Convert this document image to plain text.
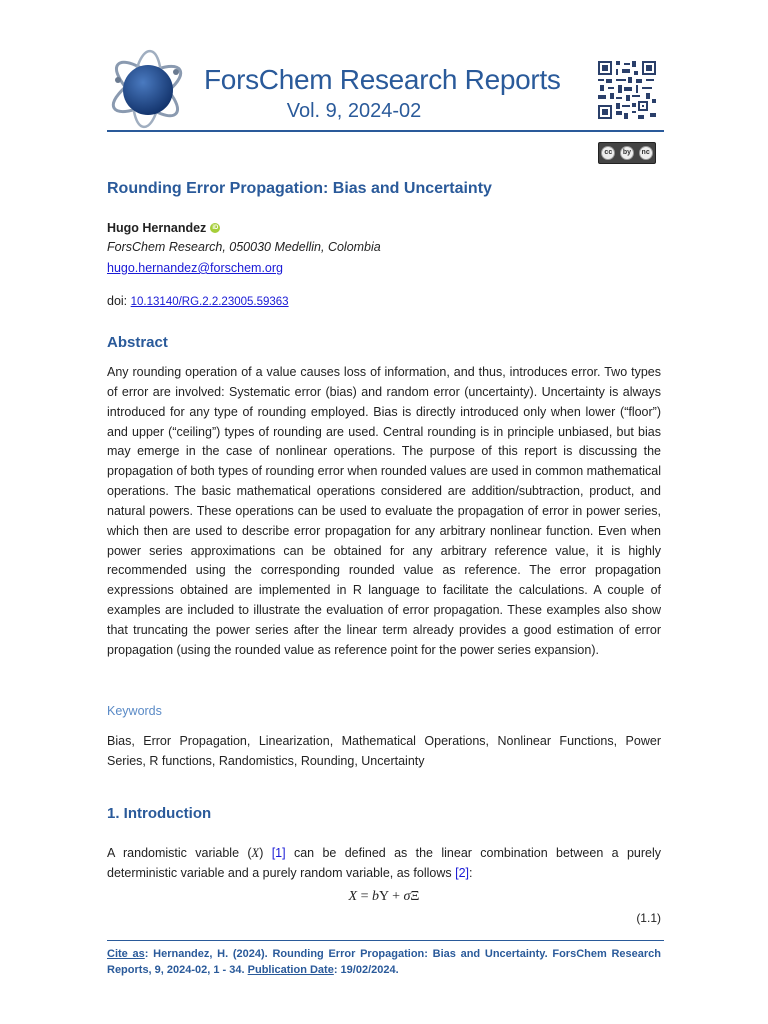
ForsChem Research Reports
Vol. 9, 2024-02
cc	by	nc
Rounding Error Propagation: Bias and Uncertainty
Hugo Hernandez	iD
ForsChem Research, 050030 Medellin, Colombia
hugo.hernandez@forschem.org
doi: 10.13140/RG.2.2.23005.59363
Abstract
Any rounding operation of a value causes loss of information, and thus, introduces error. Two types of error are involved: Systematic error (bias) and random error (uncertainty). Uncertainty is always introduced for any type of rounding employed. Bias is directly introduced only when lower (“floor”) and upper (“ceiling”) types of rounding are used. Central rounding is in principle unbiased, but bias may emerge in the case of nonlinear operations. The purpose of this report is discussing the propagation of both types of rounding error when rounded values are used in common mathematical operations. The basic mathematical operations considered are addition/subtraction, product, and natural powers. These operations can be used to evaluate the propagation of error in power series, which then are used to describe error propagation for any arbitrary nonlinear function. Even when power series approximations can be obtained for any arbitrary reference value, it is highly recommended using the corresponding rounded value as reference. The error propagation expressions obtained are implemented in R language to facilitate the calculations. A couple of examples are included to illustrate the evaluation of error propagation. These examples also show that truncating the power series after the linear term already provides a good estimation of error propagation (using the rounded value as reference point for the power series expansion).
Keywords
Bias, Error Propagation, Linearization, Mathematical Operations, Nonlinear Functions, Power Series, R functions, Randomistics, Rounding, Uncertainty
1. Introduction
A randomistic variable (X) [1] can be defined as the linear combination between a purely deterministic variable and a purely random variable, as follows [2]:
X = bΥ + σΞ
(1.1)
Cite as: Hernandez, H. (2024). Rounding Error Propagation: Bias and Uncertainty. ForsChem Research Reports, 9, 2024-02, 1 - 34. Publication Date: 19/02/2024.
